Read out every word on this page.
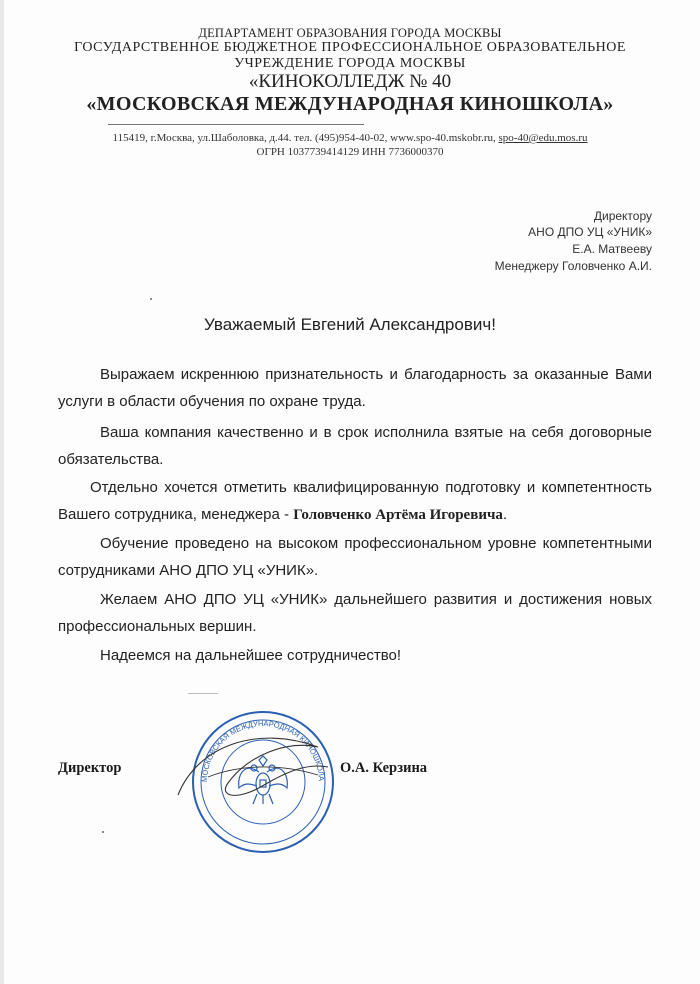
ДЕПАРТАМЕНТ ОБРАЗОВАНИЯ ГОРОДА МОСКВЫ
ГОСУДАРСТВЕННОЕ БЮДЖЕТНОЕ ПРОФЕССИОНАЛЬНОЕ ОБРАЗОВАТЕЛЬНОЕ
УЧРЕЖДЕНИЕ ГОРОДА МОСКВЫ
«КИНОКОЛЛЕДЖ № 40
«МОСКОВСКАЯ МЕЖДУНАРОДНАЯ КИНОШКОЛА»
115419, г.Москва, ул.Шаболовка, д.44. тел. (495)954-40-02, www.spo-40.mskobr.ru, spo-40@edu.mos.ru
ОГРН 1037739414129 ИНН 7736000370
Директору
АНО ДПО УЦ «УНИК»
Е.А. Матвееву
Менеджеру Головченко А.И.
Уважаемый Евгений Александрович!
Выражаем искреннюю признательность и благодарность за оказанные Вами
услуги в области обучения по охране труда.
Ваша компания качественно и в срок исполнила взятые на себя договорные
обязательства.
Отдельно хочется отметить квалифицированную подготовку и компетентность
Вашего сотрудника, менеджера - Головченко Артёма Игоревича.
Обучение проведено на высоком профессиональном уровне компетентными
сотрудниками АНО ДПО УЦ «УНИК».
Желаем АНО ДПО УЦ «УНИК» дальнейшего развития и достижения новых
профессиональных вершин.
Надеемся на дальнейшее сотрудничество!
Директор
МОСКОВСКАЯ МЕЖДУНАРОДНАЯ КИНОШКОЛА
О.А. Керзина
